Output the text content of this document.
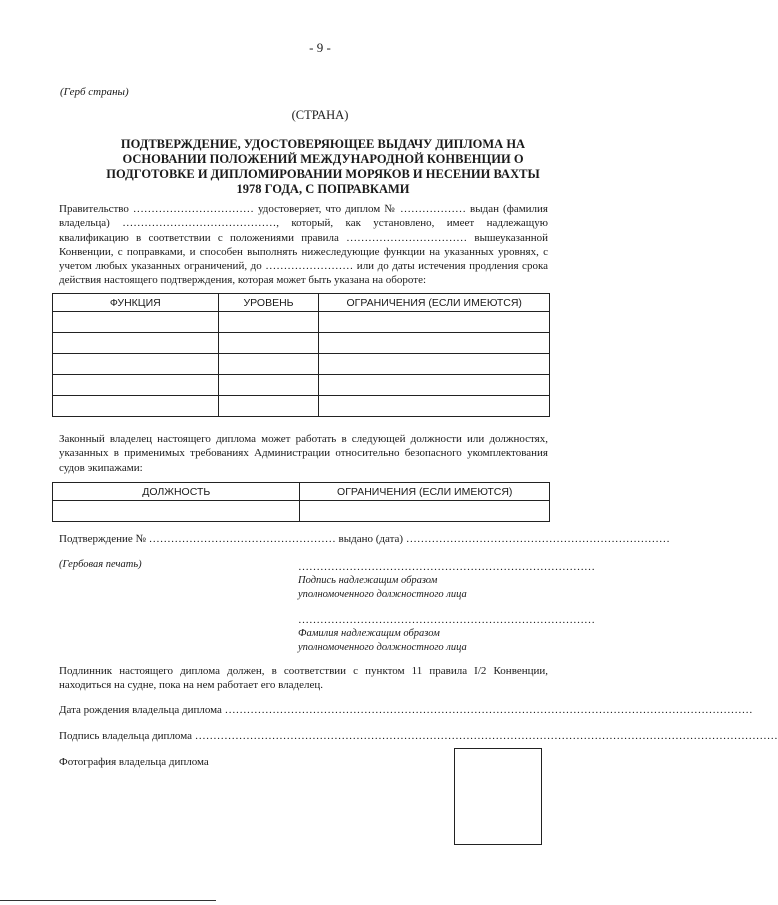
- 9 -
(Герб страны)
(СТРАНА)
ПОДТВЕРЖДЕНИЕ, УДОСТОВЕРЯЮЩЕЕ ВЫДАЧУ ДИПЛОМА НА ОСНОВАНИИ ПОЛОЖЕНИЙ МЕЖДУНАРОДНОЙ КОНВЕНЦИИ О ПОДГОТОВКЕ И ДИПЛОМИРОВАНИИ МОРЯКОВ И НЕСЕНИИ ВАХТЫ 1978 ГОДА, С ПОПРАВКАМИ
Правительство …………………………… удостоверяет, что диплом № ……………… выдан (фамилия владельца) ……………………………………, который, как установлено, имеет надлежащую квалификацию в соответствии с положениями правила …………………………… вышеуказанной Конвенции, с поправками, и способен выполнять нижеследующие функции на указанных уровнях, с учетом любых указанных ограничений, до …………………… или до даты истечения продления срока действия настоящего подтверждения, которая может быть указана на обороте:
ФУНКЦИЯ	УРОВЕНЬ	ОГРАНИЧЕНИЯ (ЕСЛИ ИМЕЮТСЯ)

Законный владелец настоящего диплома может работать в следующей должности или должностях, указанных в применимых требованиях Администрации относительно безопасного укомплектования судов экипажами:
ДОЛЖНОСТЬ	ОГРАНИЧЕНИЯ (ЕСЛИ ИМЕЮТСЯ)

Подтверждение № …………………………………………… выдано (дата) ………………………………………………………………
(Гербовая печать)	………………………………………………………………………
Подпись надлежащим образом
уполномоченного должностного лица
………………………………………………………………………
Фамилия надлежащим образом
уполномоченного должностного лица
Подлинник настоящего диплома должен, в соответствии с пунктом 11 правила I/2 Конвенции, находиться на судне, пока на нем работает его владелец.
Дата рождения владельца диплома ………………………………………………………………………………………………………………………………
Подпись владельца диплома ……………………………………………………………………………………………………………………………………………
Фотография владельца диплома
